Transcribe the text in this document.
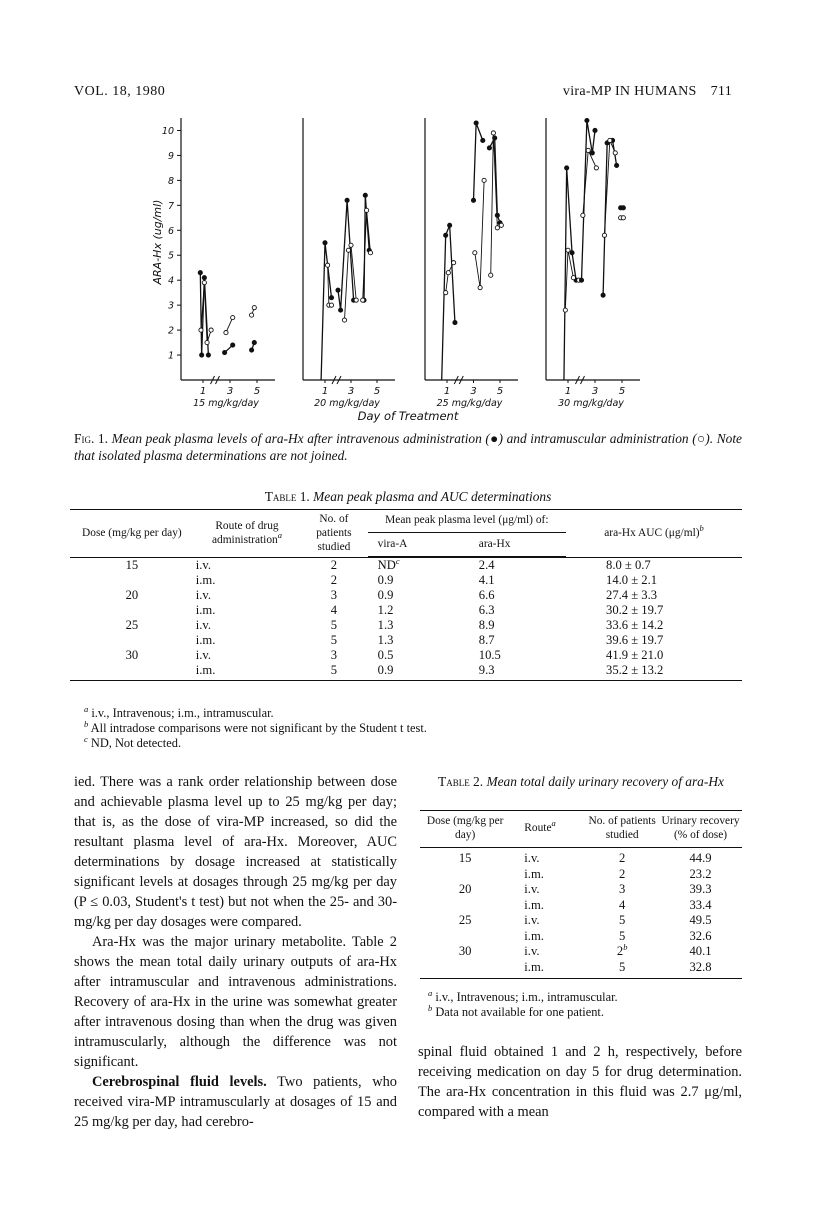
VOL. 18, 1980	vira-MP IN HUMANS 711
1
2
3
4
5
6
7
8
9
10
1 3 5
15 mg/kg/day
1 3 5
20 mg/kg/day
1 3 5
25 mg/kg/day
1 3 5
30 mg/kg/day
ARA-Hx (ug/ml)
Day of Treatment
Fig. 1. Mean peak plasma levels of ara-Hx after intravenous administration (●) and intramuscular administration (○). Note that isolated plasma determinations are not joined.
Table 1. Mean peak plasma and AUC determinations
Dose (mg/kg per day)	Route of drug administration$^a$	No. of patients studied	Mean peak plasma level (μg/ml) of:		ara-Hx AUC $(\mu g/ml)^b$
			vira-A	ara-Hx	

15	i.v.	2	$ND^c$	2.4	8.0 ± 0.7
	i.m.	2	0.9	4.1	14.0 ± 2.1
20	i.v.	3	0.9	6.6	27.4 ± 3.3
	i.m.	4	1.2	6.3	30.2 ± 19.7
25	i.v.	5	1.3	8.9	33.6 ± 14.2
	i.m.	5	1.3	8.7	39.6 ± 19.7
30	i.v.	3	0.5	10.5	41.9 ± 21.0
	i.m.	5	0.9	9.3	35.2 ± 13.2
$^a$ i.v., Intravenous; i.m., intramuscular.
$^b$ All intradose comparisons were not significant by the Student t test.
$^c$ ND, Not detected.

ied. There was a rank order relationship between dose and achievable plasma level up to 25 mg/kg per day; that is, as the dose of vira-MP increased, so did the resultant plasma level of ara-Hx. Moreover, AUC determinations by dosage increased at statistically significant levels at dosages through 25 mg/kg per day (P ≤ 0.03, Student's t test) but not when the 25- and 30-mg/kg per day dosages were compared.

Ara-Hx was the major urinary metabolite. Table 2 shows the mean total daily urinary outputs of ara-Hx after intramuscular and intravenous administrations. Recovery of ara-Hx in the urine was somewhat greater after intravenous dosing than when the drug was given intramuscularly, although the difference was not significant.

Cerebrospinal fluid levels. Two patients, who received vira-MP intramuscularly at dosages of 15 and 25 mg/kg per day, had cerebro-

Table 2. Mean total daily urinary recovery of ara-Hx
Dose (mg/kg per day)	Route$^a$	No. of patients studied	Urinary recovery (% of dose)
15	i.v.	2	44.9
	i.m.	2	23.2
20	i.v.	3	39.3
	i.m.	4	33.4
25	i.v.	5	49.5
	i.m.	5	32.6
30	i.v.	2$^b$	40.1
	i.m.	5	32.8
$^a$ i.v., Intravenous; i.m., intramuscular.
$^b$ Data not available for one patient.

spinal fluid obtained 1 and 2 h, respectively, before receiving medication on day 5 for drug determination. The ara-Hx concentration in this fluid was 2.7 μg/ml, compared with a mean
